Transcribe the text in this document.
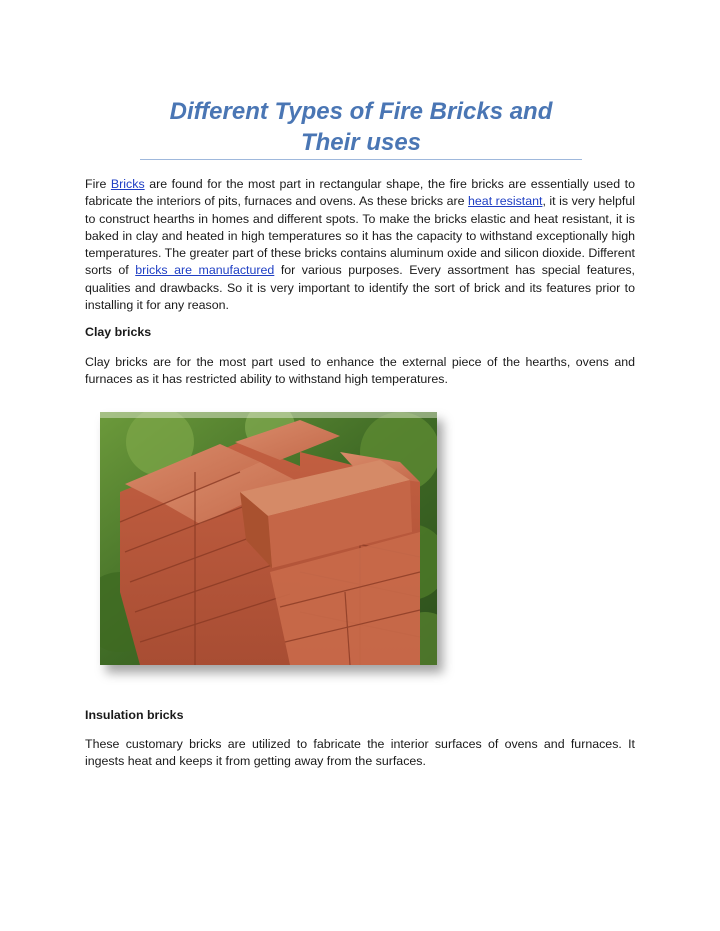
Different Types of Fire Bricks and Their uses

Fire Bricks are found for the most part in rectangular shape, the fire bricks are essentially used to fabricate the interiors of pits, furnaces and ovens. As these bricks are heat resistant, it is very helpful to construct hearths in homes and different spots. To make the bricks elastic and heat resistant, it is baked in clay and heated in high temperatures so it has the capacity to withstand exceptionally high temperatures. The greater part of these bricks contains aluminum oxide and silicon dioxide. Different sorts of bricks are manufactured for various purposes. Every assortment has special features, qualities and drawbacks. So it is very important to identify the sort of brick and its features prior to installing it for any reason.

Clay bricks

Clay bricks are for the most part used to enhance the external piece of the hearths, ovens and furnaces as it has restricted ability to withstand high temperatures.

Insulation bricks

These customary bricks are utilized to fabricate the interior surfaces of ovens and furnaces. It ingests heat and keeps it from getting away from the surfaces.
